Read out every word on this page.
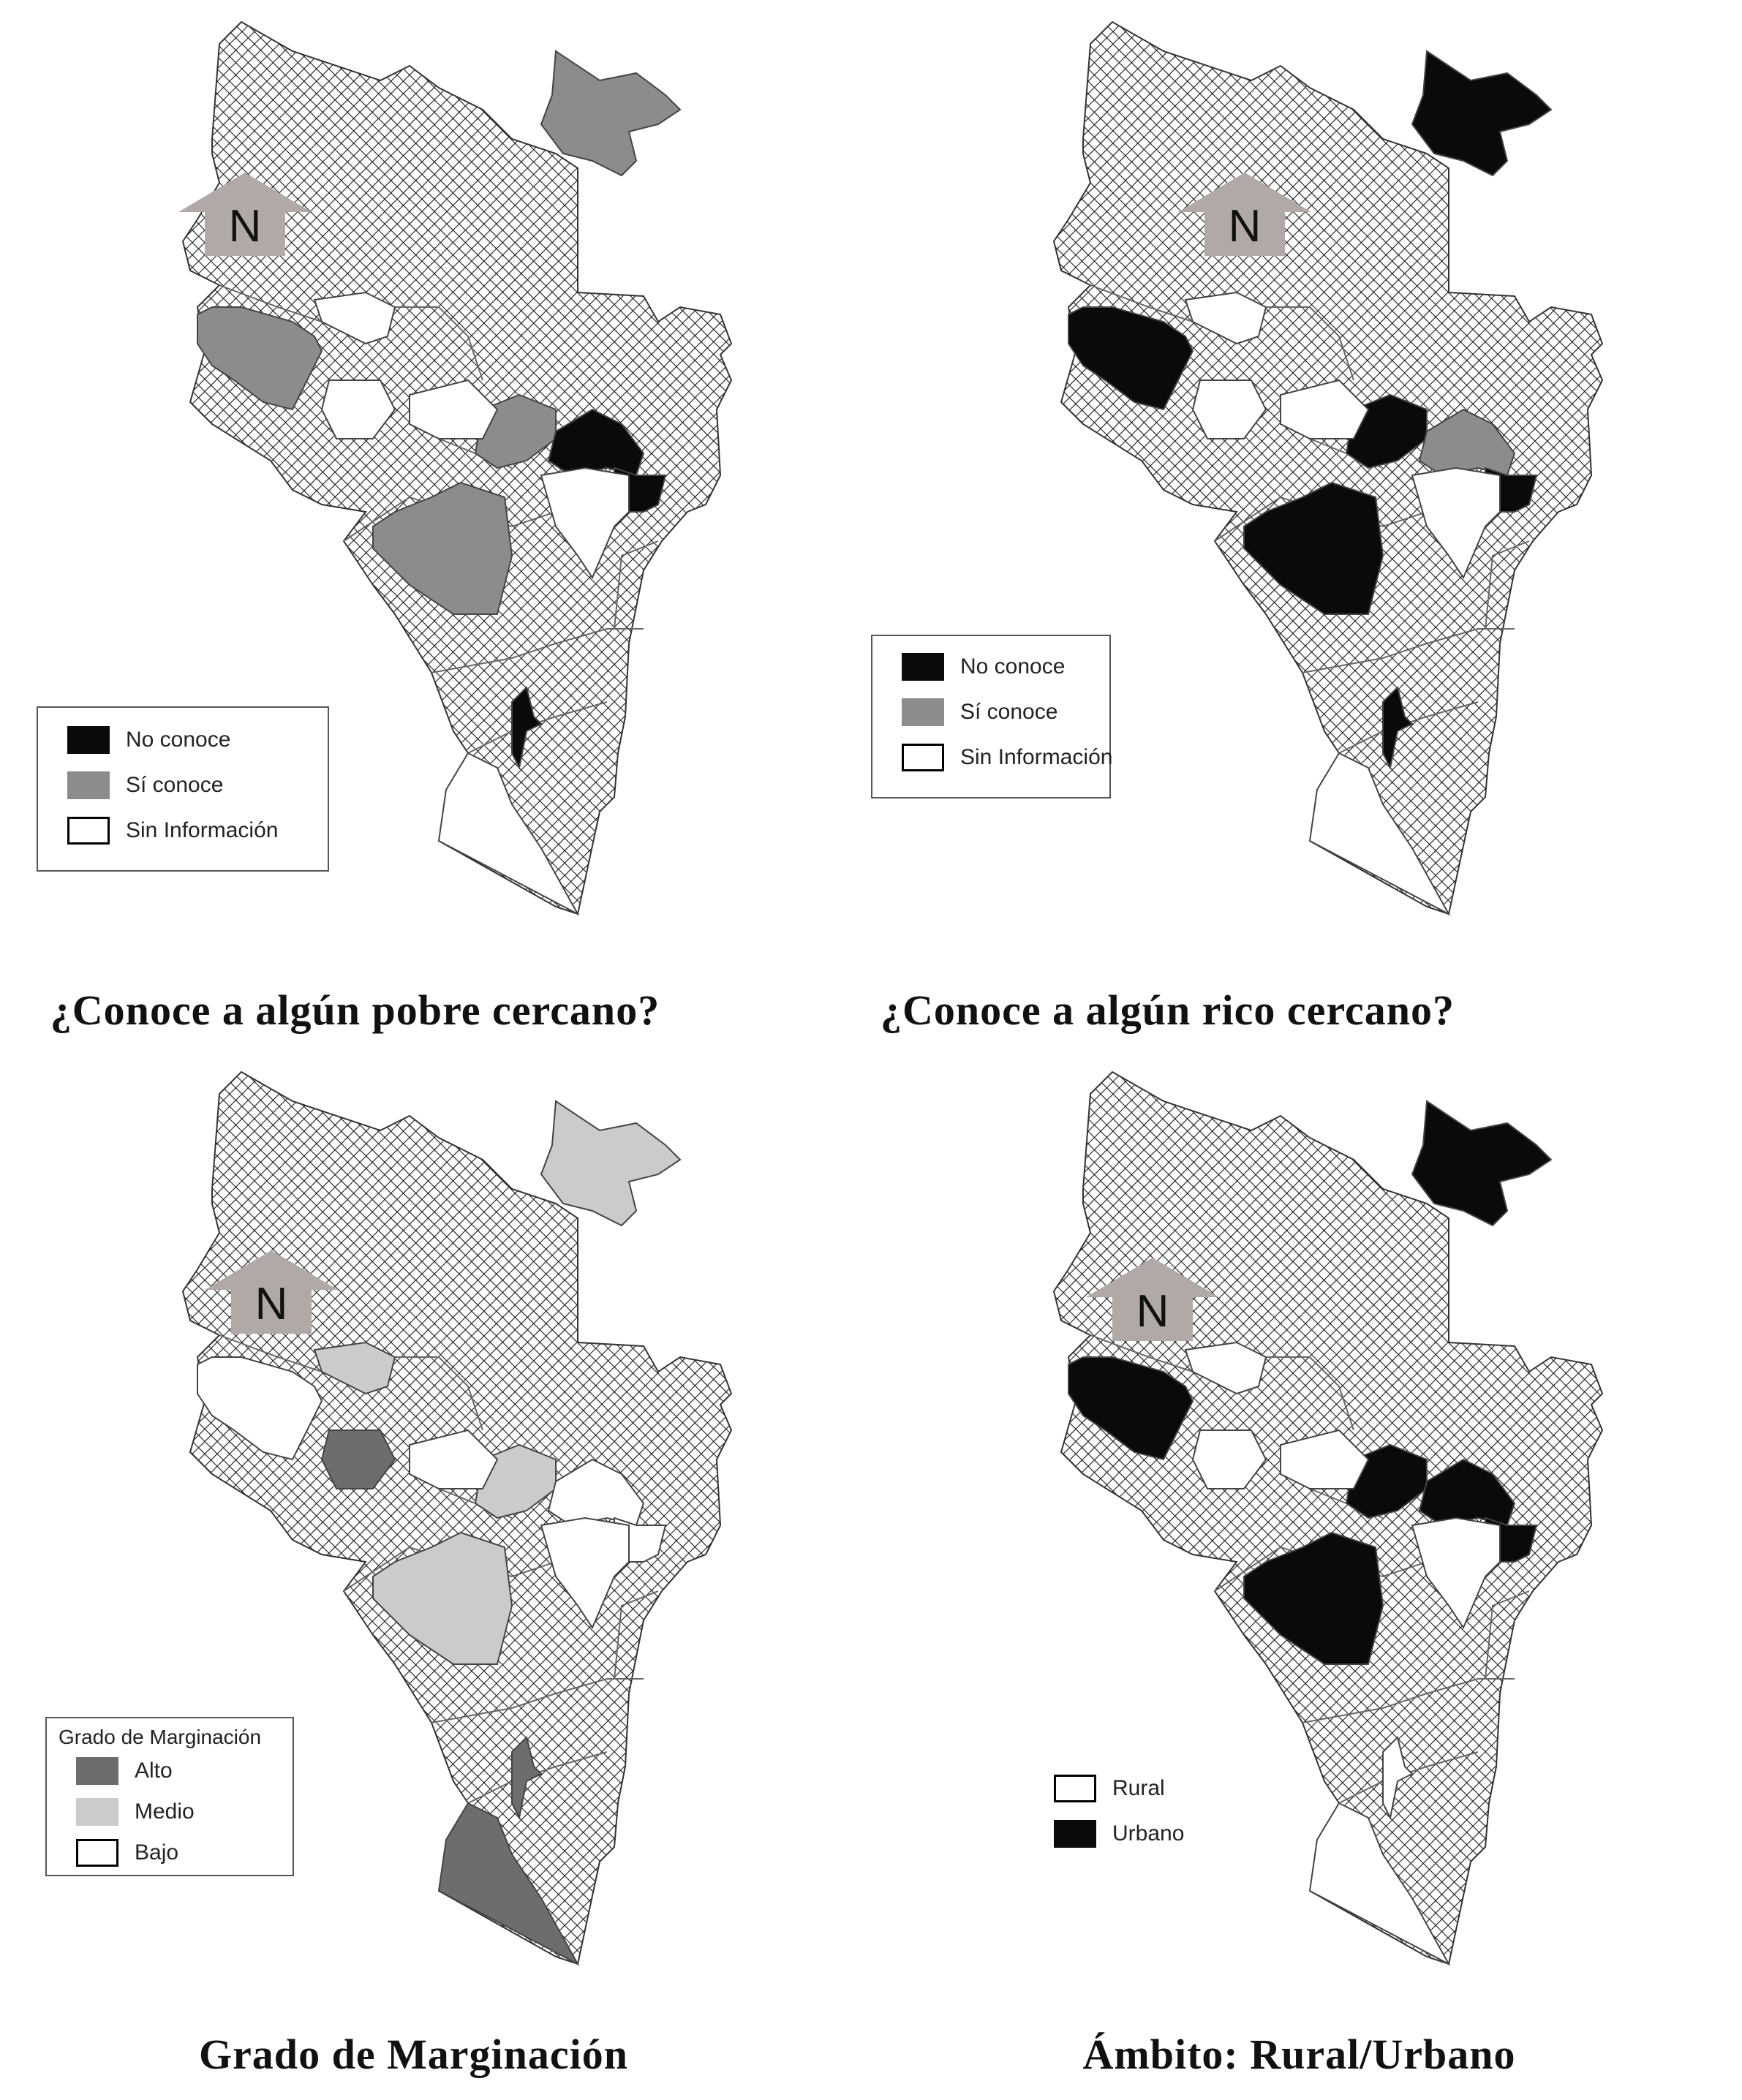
N
No conoce
Sí conoce
Sin Información
¿Conoce a algún pobre cercano?
N
No conoce
Sí conoce
Sin Información
¿Conoce a algún rico cercano?
N
Grado de Marginación
Alto
Medio
Bajo
Grado de Marginación
N
Rural
Urbano
Ámbito: Rural/Urbano
